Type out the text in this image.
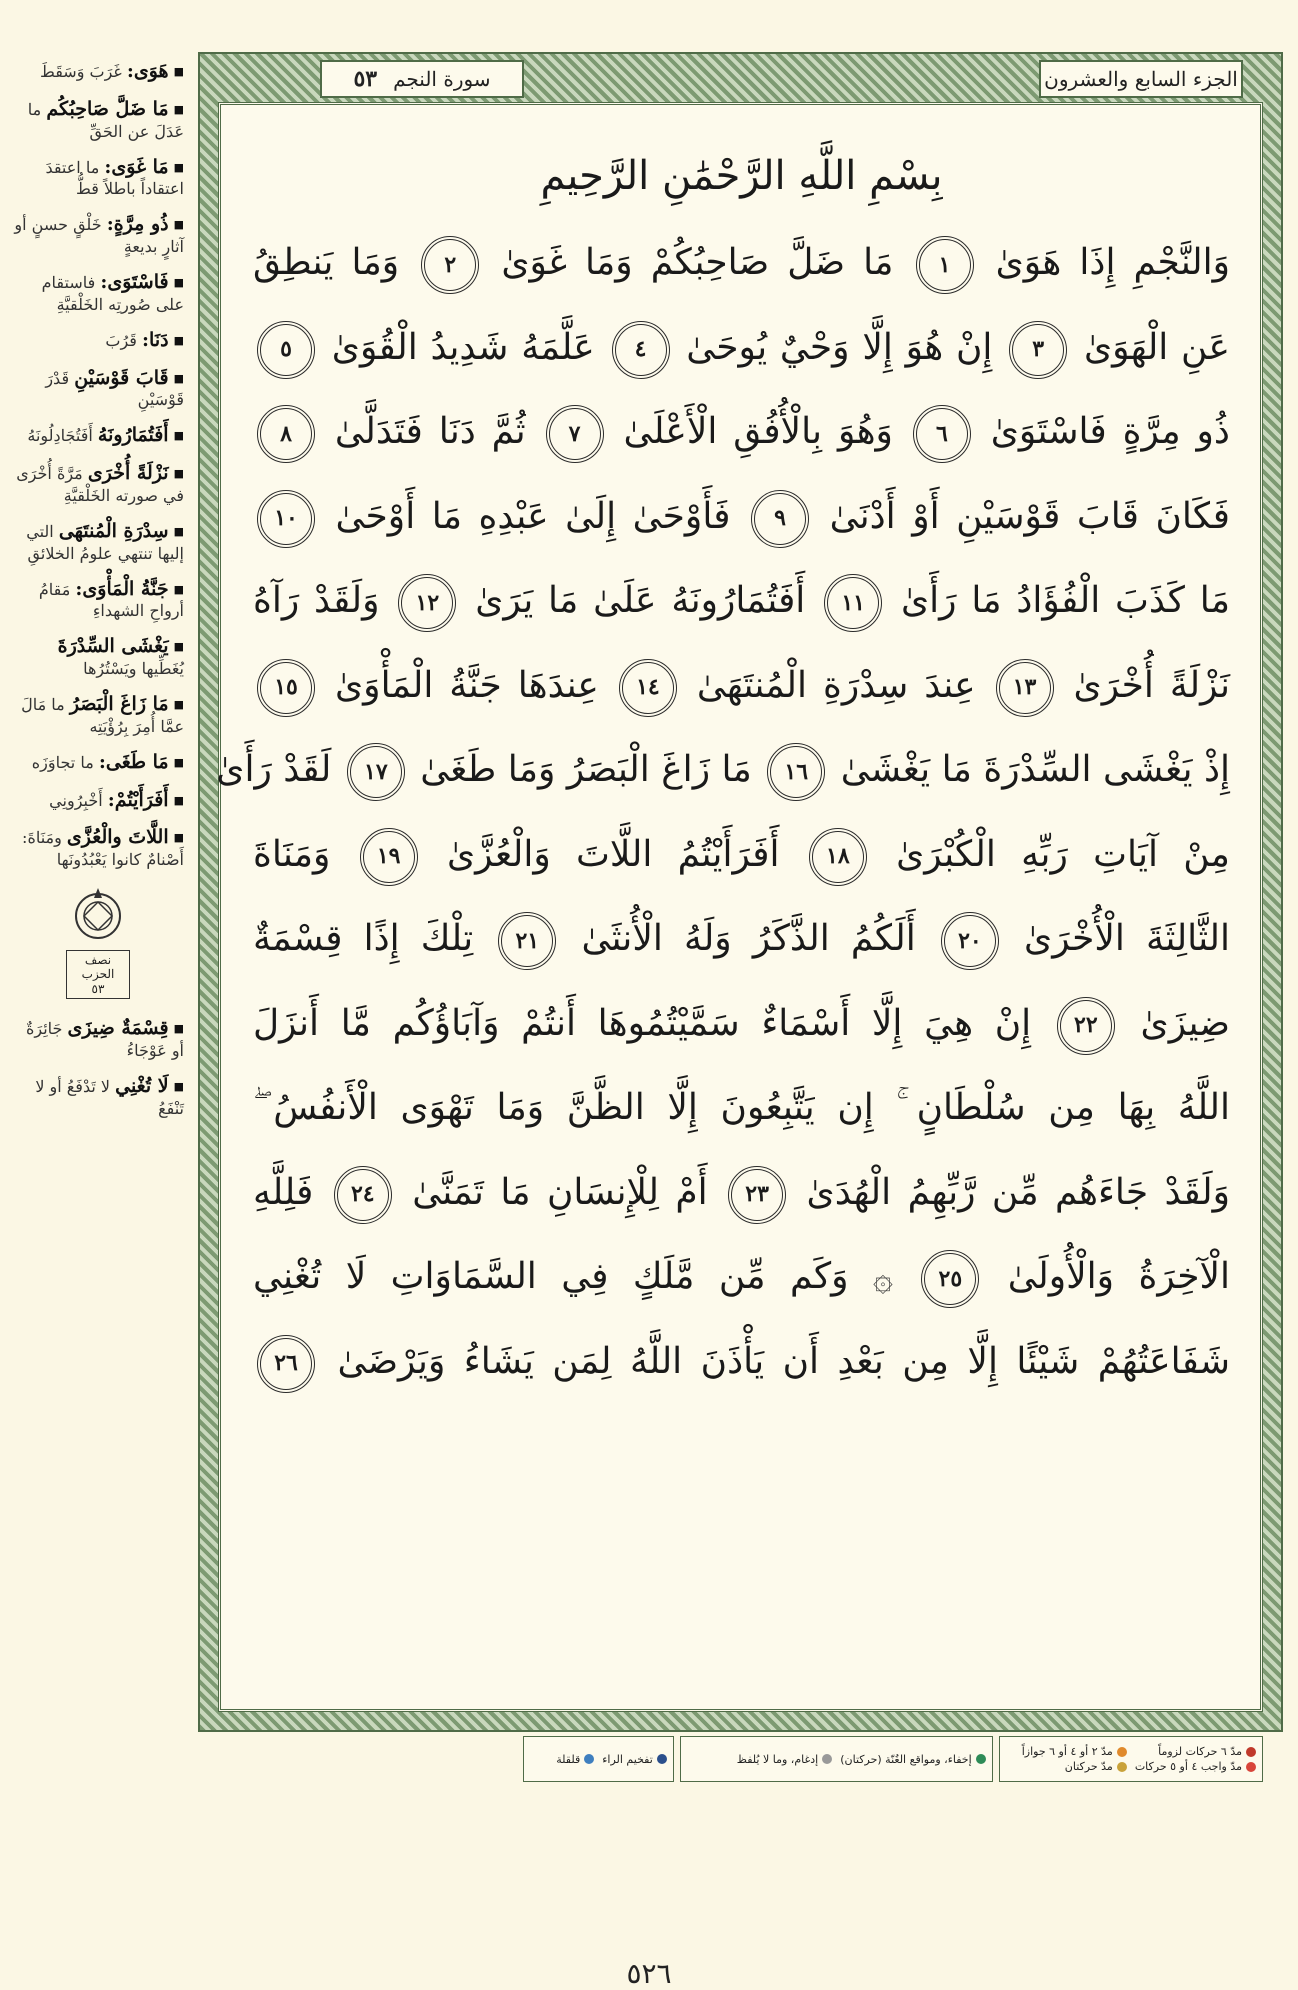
■ هَوَى: غَرَبَ وَسَقَطَ
■ مَا ضَلَّ صَاحِبُكُم ما عَدَلَ عن الحَقِّ
■ مَا غَوَى: ما اعتقدَ اعتقاداً باطلاً قطُّ
■ ذُو مِرَّةٍ: خَلْقٍ حسنٍ أو آثارٍ بديعةٍ
■ فَاسْتَوَى: فاستقام على صُورتِه الخَلْقيَّةِ
■ دَنَا: قَرُبَ
■ قَابَ قَوْسَيْنِ قَدْرَ قَوْسَيْنِ
■ أَفَتُمَارُونَهُ أَفَتُجَادِلُونَهُ
■ نَزْلَةً أُخْرَى مَرَّةً أُخْرَى في صورته الخَلْقيَّةِ
■ سِدْرَةِ الْمُنتَهَى التي إليها تنتهي علومُ الخلائقِ
■ جَنَّةُ الْمَأْوَى: مَقامُ أرواحِ الشهداءِ
■ يَغْشَى السِّدْرَةَ يُغَطِّيها ويَسْتُرُها
■ مَا زَاغَ الْبَصَرُ ما مَالَ عمَّا أُمِرَ بِرُؤْيَتِه
■ مَا طَغَى: ما تجاوَزَه
■ أَفَرَأَيْتُمْ: أَخْبِرُونِي
■ اللَّاتَ والْعُزَّى ومَنَاةَ: أَصْنامٌ كانوا يَعْبُدُونَها
نصف
الحزب
٥٣
■ قِسْمَةٌ ضِيزَى جَائِرَةٌ أو عَوْجَاءُ
■ لَا تُغْنِي لا تَدْفَعُ أو لا تَنْفَعُ
الجزء السابع والعشرون
سورة النجم
٥٣
بِسْمِ اللَّهِ الرَّحْمَٰنِ الرَّحِيمِ
وَالنَّجْمِ إِذَا هَوَىٰ ١ مَا ضَلَّ صَاحِبُكُمْ وَمَا غَوَىٰ ٢ وَمَا يَنطِقُ
عَنِ الْهَوَىٰ ٣ إِنْ هُوَ إِلَّا وَحْيٌ يُوحَىٰ ٤ عَلَّمَهُ شَدِيدُ الْقُوَىٰ ٥
ذُو مِرَّةٍ فَاسْتَوَىٰ ٦ وَهُوَ بِالْأُفُقِ الْأَعْلَىٰ ٧ ثُمَّ دَنَا فَتَدَلَّىٰ ٨
فَكَانَ قَابَ قَوْسَيْنِ أَوْ أَدْنَىٰ ٩ فَأَوْحَىٰ إِلَىٰ عَبْدِهِ مَا أَوْحَىٰ ١٠
مَا كَذَبَ الْفُؤَادُ مَا رَأَىٰ ١١ أَفَتُمَارُونَهُ عَلَىٰ مَا يَرَىٰ ١٢ وَلَقَدْ رَآهُ
نَزْلَةً أُخْرَىٰ ١٣ عِندَ سِدْرَةِ الْمُنتَهَىٰ ١٤ عِندَهَا جَنَّةُ الْمَأْوَىٰ ١٥
إِذْ يَغْشَى السِّدْرَةَ مَا يَغْشَىٰ ١٦ مَا زَاغَ الْبَصَرُ وَمَا طَغَىٰ ١٧ لَقَدْ رَأَىٰ
مِنْ آيَاتِ رَبِّهِ الْكُبْرَىٰ ١٨ أَفَرَأَيْتُمُ اللَّاتَ وَالْعُزَّىٰ ١٩ وَمَنَاةَ
الثَّالِثَةَ الْأُخْرَىٰ ٢٠ أَلَكُمُ الذَّكَرُ وَلَهُ الْأُنثَىٰ ٢١ تِلْكَ إِذًا قِسْمَةٌ
ضِيزَىٰ ٢٢ إِنْ هِيَ إِلَّا أَسْمَاءٌ سَمَّيْتُمُوهَا أَنتُمْ وَآبَاؤُكُم مَّا أَنزَلَ
اللَّهُ بِهَا مِن سُلْطَانٍ ۚ إِن يَتَّبِعُونَ إِلَّا الظَّنَّ وَمَا تَهْوَى الْأَنفُسُ ۖ
وَلَقَدْ جَاءَهُم مِّن رَّبِّهِمُ الْهُدَىٰ ٢٣ أَمْ لِلْإِنسَانِ مَا تَمَنَّىٰ ٢٤ فَلِلَّهِ
الْآخِرَةُ وَالْأُولَىٰ ٢٥ ۞ وَكَم مِّن مَّلَكٍ فِي السَّمَاوَاتِ لَا تُغْنِي
شَفَاعَتُهُمْ شَيْئًا إِلَّا مِن بَعْدِ أَن يَأْذَنَ اللَّهُ لِمَن يَشَاءُ وَيَرْضَىٰ ٢٦
مدّ ٦ حركات لزوماً
مدّ ٢ أو ٤ أو ٦ جوازاً
مدّ واجب ٤ أو ٥ حركات
مدّ حركتان
إخفاء، ومواقع الغُنّة (حركتان)
إدغام، وما لا يُلفظ
تفخيم الراء
قلقلة
٥٢٦
